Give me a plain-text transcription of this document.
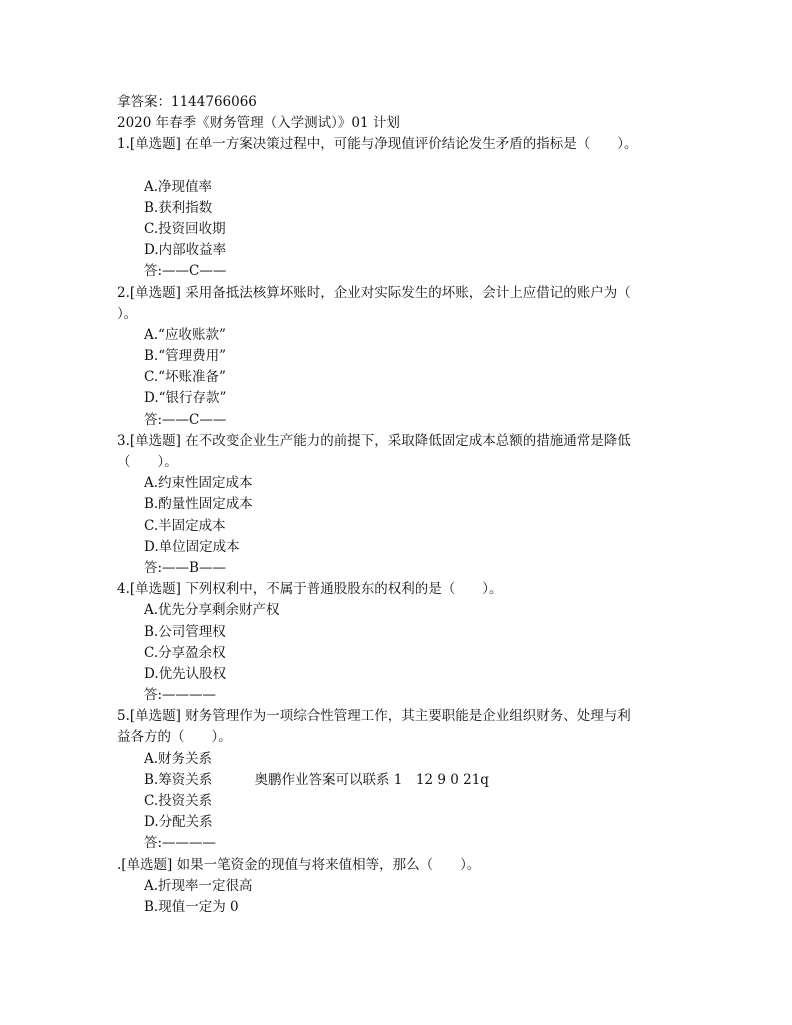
拿答案：1144766066
2020 年春季《财务管理（入学测试）》01 计划
1.[单选题] 在单一方案决策过程中，可能与净现值评价结论发生矛盾的指标是（　　）。
A.净现值率
B.获利指数
C.投资回收期
D.内部收益率
答:——C——
2.[单选题] 采用备抵法核算坏账时，企业对实际发生的坏账，会计上应借记的账户为（
）。
A.“应收账款”
B.“管理费用”
C.“坏账准备”
D.“银行存款”
答:——C——
3.[单选题] 在不改变企业生产能力的前提下，采取降低固定成本总额的措施通常是降低
（　　）。
A.约束性固定成本
B.酌量性固定成本
C.半固定成本
D.单位固定成本
答:——B——
4.[单选题] 下列权利中，不属于普通股股东的权利的是（　　）。
A.优先分享剩余财产权
B.公司管理权
C.分享盈余权
D.优先认股权
答:————
5.[单选题] 财务管理作为一项综合性管理工作，其主要职能是企业组织财务、处理与利
益各方的（　　）。
A.财务关系
B.筹资关系	奥鹏作业答案可以联系 1　12 9 0 21q
C.投资关系
D.分配关系
答:————
.[单选题] 如果一笔资金的现值与将来值相等，那么（　　）。
A.折现率一定很高
B.现值一定为 0
